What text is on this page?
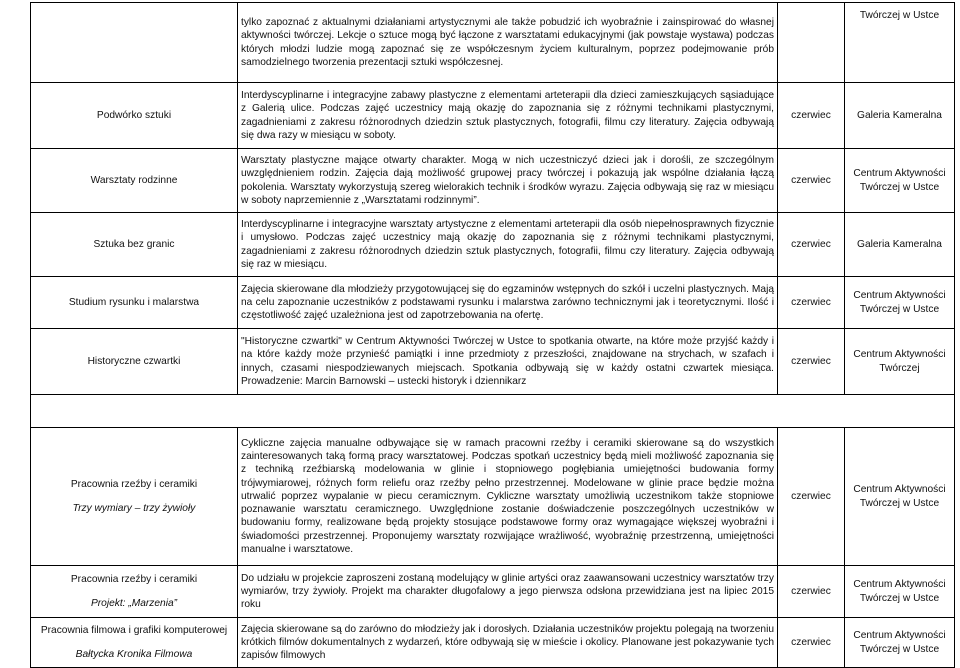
	tylko zapoznać z aktualnymi działaniami artystycznymi ale także pobudzić ich wyobraźnie i zainspirować do własnej aktywności twórczej. Lekcje o sztuce mogą być łączone z warsztatami edukacyjnymi (jak powstaje wystawa) podczas których młodzi ludzie mogą zapoznać się ze współczesnym życiem kulturalnym, poprzez podejmowanie prób samodzielnego tworzenia prezentacji sztuki współczesnej.		Twórczej w Ustce
Podwórko sztuki	Interdyscyplinarne i integracyjne zabawy plastyczne z elementami arteterapii dla dzieci zamieszkujących sąsiadujące z Galerią ulice. Podczas zajęć uczestnicy mają okazję do zapoznania się z różnymi technikami plastycznymi, zagadnieniami z zakresu różnorodnych dziedzin sztuk plastycznych, fotografii, filmu czy literatury. Zajęcia odbywają się dwa razy w miesiącu w soboty.	czerwiec	Galeria Kameralna
Warsztaty rodzinne	Warsztaty plastyczne mające otwarty charakter. Mogą w nich uczestniczyć dzieci jak i dorośli, ze szczególnym uwzględnieniem rodzin. Zajęcia dają możliwość grupowej pracy twórczej i pokazują jak wspólne działania łączą pokolenia. Warsztaty wykorzystują szereg wielorakich technik i środków wyrazu. Zajęcia odbywają się raz w miesiącu w soboty naprzemiennie z „Warsztatami rodzinnymi”.	czerwiec	Centrum Aktywności Twórczej w Ustce
Sztuka bez granic	Interdyscyplinarne i integracyjne warsztaty artystyczne z elementami arteterapii dla osób niepełnosprawnych fizycznie i umysłowo. Podczas zajęć uczestnicy mają okazję do zapoznania się z różnymi technikami plastycznymi, zagadnieniami z zakresu różnorodnych dziedzin sztuk plastycznych, fotografii, filmu czy literatury. Zajęcia odbywają się raz w miesiącu.	czerwiec	Galeria Kameralna
Studium rysunku i malarstwa	Zajęcia skierowane dla młodzieży przygotowującej się do egzaminów wstępnych do szkół i uczelni plastycznych. Mają na celu zapoznanie uczestników z podstawami rysunku i malarstwa zarówno technicznymi jak i teoretycznymi. Ilość i częstotliwość zajęć uzależniona jest od zapotrzebowania na ofertę.	czerwiec	Centrum Aktywności Twórczej w Ustce
Historyczne czwartki	"Historyczne czwartki" w Centrum Aktywności Twórczej w Ustce to spotkania otwarte, na które może przyjść każdy i na które każdy może przynieść pamiątki i inne przedmioty z przeszłości, znajdowane na strychach, w szafach i innych, czasami niespodziewanych miejscach. Spotkania odbywają się w każdy ostatni czwartek miesiąca. Prowadzenie: Marcin Barnowski – ustecki historyk i dziennikarz	czerwiec	Centrum Aktywności Twórczej

Pracownia rzeźby i ceramiki
Trzy wymiary – trzy żywioły	Cykliczne zajęcia manualne odbywające się w ramach pracowni rzeźby i ceramiki skierowane są do wszystkich zainteresowanych taką formą pracy warsztatowej. Podczas spotkań uczestnicy będą mieli możliwość zapoznania się z techniką rzeźbiarską modelowania w glinie i stopniowego pogłębiania umiejętności budowania formy trójwymiarowej, różnych form reliefu oraz rzeźby pełno przestrzennej. Modelowane w glinie prace będzie można utrwalić poprzez wypalanie w piecu ceramicznym. Cykliczne warsztaty umożliwią uczestnikom także stopniowe poznawanie warsztatu ceramicznego. Uwzględnione zostanie doświadczenie poszczególnych uczestników w budowaniu formy, realizowane będą projekty stosujące podstawowe formy oraz wymagające większej wyobraźni i świadomości przestrzennej. Proponujemy warsztaty rozwijające wrażliwość, wyobraźnię przestrzenną, umiejętności manualne i warsztatowe.	czerwiec	Centrum Aktywności Twórczej w Ustce

Pracownia rzeźby i ceramiki
Projekt: „Marzenia”	Do udziału w projekcie zaproszeni zostaną modelujący w glinie artyści oraz zaawansowani uczestnicy warsztatów trzy wymiarów, trzy żywioły. Projekt ma charakter długofalowy a jego pierwsza odsłona przewidziana jest na lipiec 2015 roku	czerwiec	Centrum Aktywności Twórczej w Ustce

Pracownia filmowa i grafiki komputerowej
Bałtycka Kronika Filmowa	Zajęcia skierowane są do zarówno do młodzieży jak i dorosłych. Działania uczestników projektu polegają na tworzeniu krótkich filmów dokumentalnych z wydarzeń, które odbywają się w mieście i okolicy. Planowane jest pokazywanie tych zapisów filmowych	czerwiec	Centrum Aktywności Twórczej w Ustce
